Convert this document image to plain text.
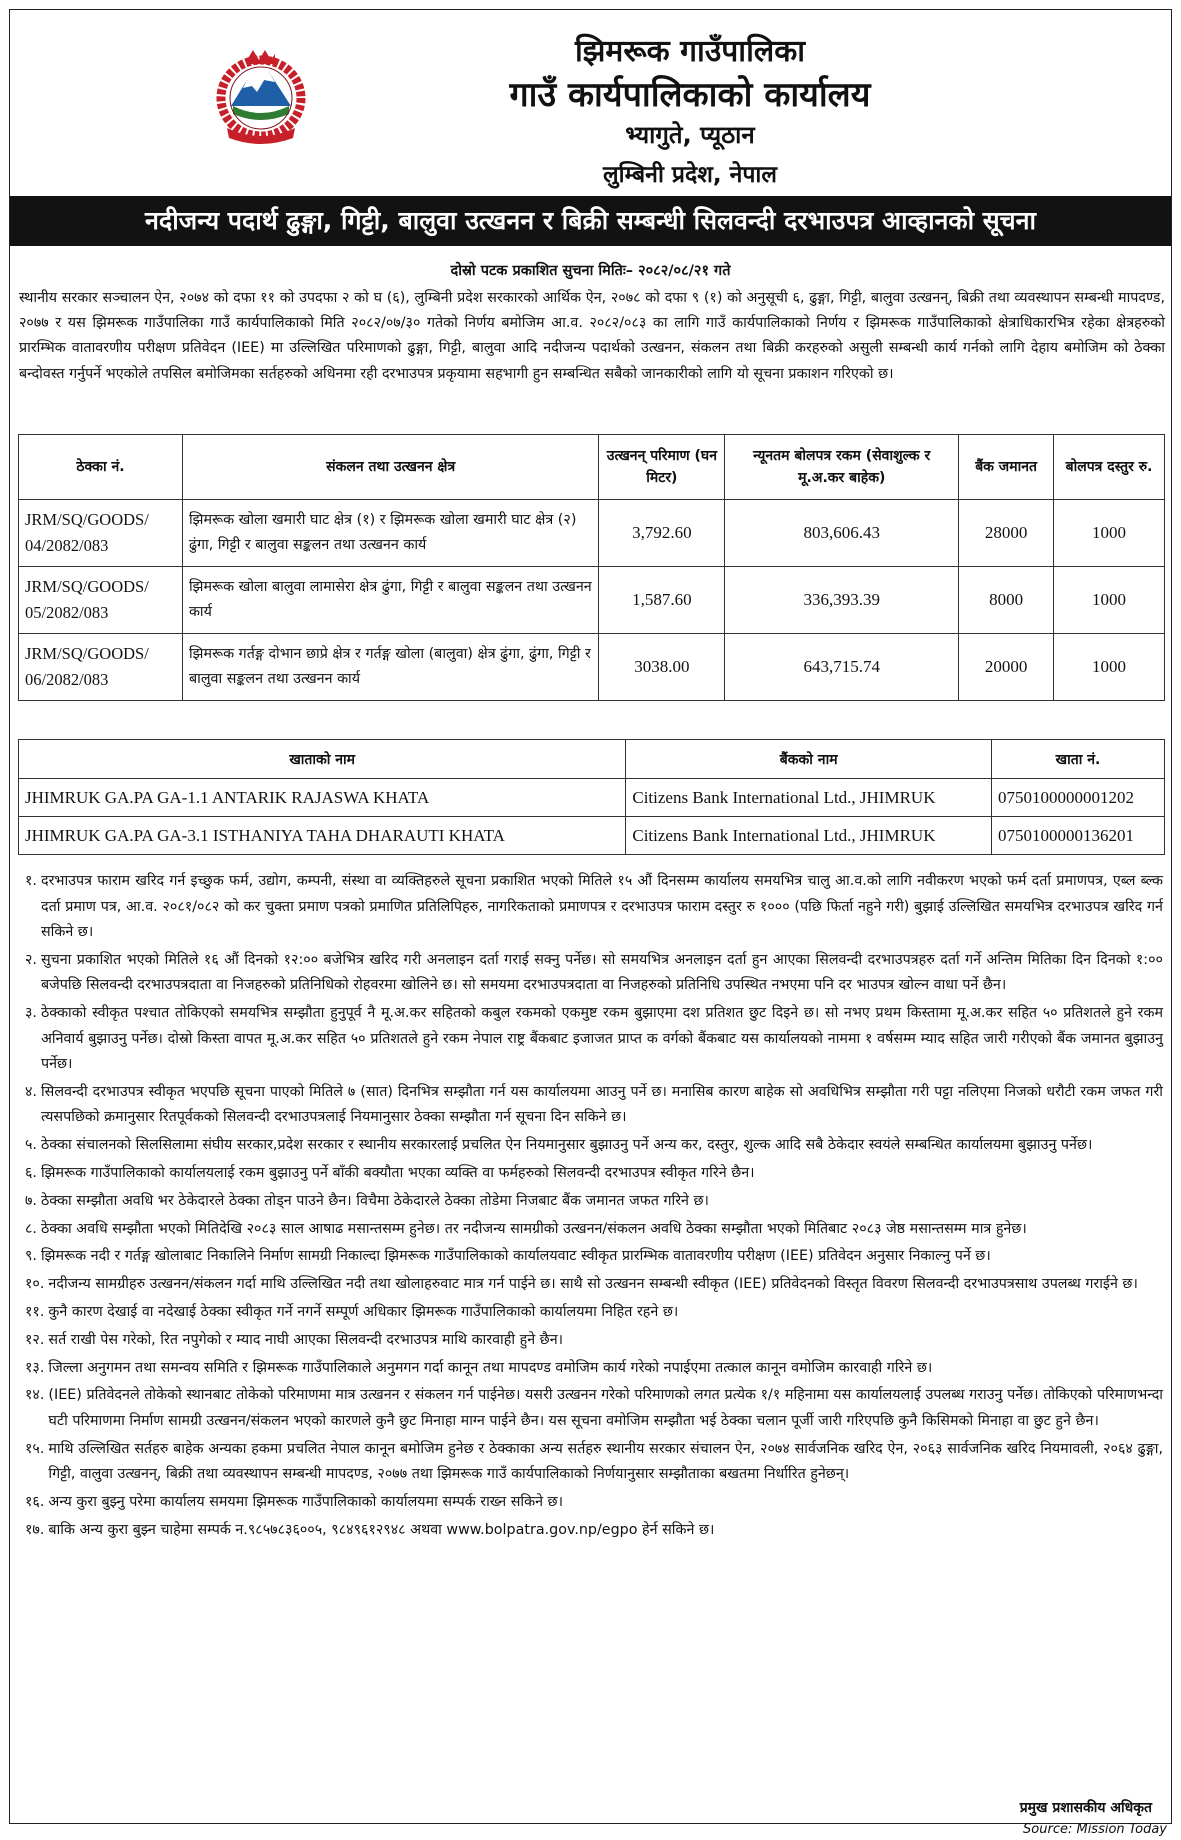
झिमरूक गाउँपालिका
गाउँ कार्यपालिकाको कार्यालय
भ्यागुते, प्यूठान
लुम्बिनी प्रदेश, नेपाल
नदीजन्य पदार्थ ढुङ्गा, गिट्टी, बालुवा उत्खनन र बिक्री सम्बन्धी सिलवन्दी दरभाउपत्र आव्हानको सूचना
दोस्रो पटक प्रकाशित सुचना मितिः– २०८२/०८/२१ गते
स्थानीय सरकार सञ्चालन ऐन, २०७४ को दफा ११ को उपदफा २ को घ (६), लुम्बिनी प्रदेश सरकारको आर्थिक ऐन, २०७८ को दफा ९ (१) को अनुसूची ६, ढुङ्गा, गिट्टी, बालुवा उत्खनन्, बिक्री तथा व्यवस्थापन सम्बन्धी मापदण्ड, २०७७ र यस झिमरूक गाउँपालिका गाउँ कार्यपालिकाको मिति २०८२/०७/३० गतेको निर्णय बमोजिम आ.व. २०८२/०८३ का लागि गाउँ कार्यपालिकाको निर्णय र झिमरूक गाउँपालिकाको क्षेत्राधिकारभित्र रहेका क्षेत्रहरुको प्रारम्भिक वातावरणीय परीक्षण प्रतिवेदन (IEE) मा उल्लिखित परिमाणको ढुङ्गा, गिट्टी, बालुवा आदि नदीजन्य पदार्थको उत्खनन, संकलन तथा बिक्री करहरुको असुली सम्बन्धी कार्य गर्नको लागि देहाय बमोजिम को ठेक्का बन्दोवस्त गर्नुपर्ने भएकोले तपसिल बमोजिमका सर्तहरुको अधिनमा रही दरभाउपत्र प्रकृयामा सहभागी हुन सम्बन्धित सबैको जानकारीको लागि यो सूचना प्रकाशन गरिएको छ।
ठेक्का नं.	संकलन तथा उत्खनन क्षेत्र	उत्खनन् परिमाण (घन मिटर)	न्यूनतम बोलपत्र रकम (सेवाशुल्क र मू.अ.कर बाहेक)	बैंक जमानत	बोलपत्र दस्तुर रु.
JRM/SQ/GOODS/ 04/2082/083	झिमरूक खोला खमारी घाट क्षेत्र (१) र झिमरूक खोला खमारी घाट क्षेत्र (२) ढुंगा, गिट्टी र बालुवा सङ्कलन तथा उत्खनन कार्य	3,792.60	803,606.43	28000	1000
JRM/SQ/GOODS/ 05/2082/083	झिमरूक खोला बालुवा लामासेरा क्षेत्र ढुंगा, गिट्टी र बालुवा सङ्कलन तथा उत्खनन कार्य	1,587.60	336,393.39	8000	1000
JRM/SQ/GOODS/ 06/2082/083	झिमरूक गर्तङ्ग दोभान छाप्रे क्षेत्र र गर्तङ्ग खोला (बालुवा) क्षेत्र ढुंगा, ढुंगा, गिट्टी र बालुवा सङ्कलन तथा उत्खनन कार्य	3038.00	643,715.74	20000	1000
खाताको नाम	बैंकको नाम	खाता नं.
JHIMRUK GA.PA GA-1.1 ANTARIK RAJASWA KHATA	Citizens Bank International Ltd., JHIMRUK	0750100000001202
JHIMRUK GA.PA GA-3.1 ISTHANIYA TAHA DHARAUTI KHATA	Citizens Bank International Ltd., JHIMRUK	0750100000136201
१. दरभाउपत्र फाराम खरिद गर्न इच्छुक फर्म, उद्योग, कम्पनी, संस्था वा व्यक्तिहरुले सूचना प्रकाशित भएको मितिले १५ औं दिनसम्म कार्यालय समयभित्र चालु आ.व.को लागि नवीकरण भएको फर्म दर्ता प्रमाणपत्र, एब्ल ब्ल्क दर्ता प्रमाण पत्र, आ.व. २०८१/०८२ को कर चुक्ता प्रमाण पत्रको प्रमाणित प्रतिलिपिहरु, नागरिकताको प्रमाणपत्र र दरभाउपत्र फाराम दस्तुर रु १००० (पछि फिर्ता नहुने गरी) बुझाई उल्लिखित समयभित्र दरभाउपत्र खरिद गर्न सकिने छ।
२. सुचना प्रकाशित भएको मितिले १६ औं दिनको १२:०० बजेभित्र खरिद गरी अनलाइन दर्ता गराई सक्नु पर्नेछ। सो समयभित्र अनलाइन दर्ता हुन आएका सिलवन्दी दरभाउपत्रहरु दर्ता गर्ने अन्तिम मितिका दिन दिनको १:०० बजेपछि सिलवन्दी दरभाउपत्रदाता वा निजहरुको प्रतिनिधिको रोहवरमा खोलिने छ। सो समयमा दरभाउपत्रदाता वा निजहरुको प्रतिनिधि उपस्थित नभएमा पनि दर भाउपत्र खोल्न वाधा पर्ने छैन।
३. ठेक्काको स्वीकृत पश्चात तोकिएको समयभित्र सम्झौता हुनुपूर्व नै मू.अ.कर सहितको कबुल रकमको एकमुष्ट रकम बुझाएमा दश प्रतिशत छुट दिइने छ। सो नभए प्रथम किस्तामा मू.अ.कर सहित ५० प्रतिशतले हुने रकम अनिवार्य बुझाउनु पर्नेछ। दोस्रो किस्ता वापत मू.अ.कर सहित ५० प्रतिशतले हुने रकम नेपाल राष्ट्र बैंकबाट इजाजत प्राप्त क वर्गको बैंकबाट यस कार्यालयको नाममा १ वर्षसम्म म्याद सहित जारी गरीएको बैंक जमानत बुझाउनु पर्नेछ।
४. सिलवन्दी दरभाउपत्र स्वीकृत भएपछि सूचना पाएको मितिले ७ (सात) दिनभित्र सम्झौता गर्न यस कार्यालयमा आउनु पर्ने छ। मनासिब कारण बाहेक सो अवधिभित्र सम्झौता गरी पट्टा नलिएमा निजको धरौटी रकम जफत गरी त्यसपछिको क्रमानुसार रितपूर्वकको सिलवन्दी दरभाउपत्रलाई नियमानुसार ठेक्का सम्झौता गर्न सूचना दिन सकिने छ।
५. ठेक्का संचालनको सिलसिलामा संघीय सरकार,प्रदेश सरकार र स्थानीय सरकारलाई प्रचलित ऐन नियमानुसार बुझाउनु पर्ने अन्य कर, दस्तुर, शुल्क आदि सबै ठेकेदार स्वयंले सम्बन्धित कार्यालयमा बुझाउनु पर्नेछ।
६. झिमरूक गाउँपालिकाको कार्यालयलाई रकम बुझाउनु पर्ने बाँकी बक्यौता भएका व्यक्ति वा फर्महरुको सिलवन्दी दरभाउपत्र स्वीकृत गरिने छैन।
७. ठेक्का सम्झौता अवधि भर ठेकेदारले ठेक्का तोड्न पाउने छैन। विचैमा ठेकेदारले ठेक्का तोडेमा निजबाट बैंक जमानत जफत गरिने छ।
८. ठेक्का अवधि सम्झौता भएको मितिदेखि २०८३ साल आषाढ मसान्तसम्म हुनेछ। तर नदीजन्य सामग्रीको उत्खनन/संकलन अवधि ठेक्का सम्झौता भएको मितिबाट २०८३ जेष्ठ मसान्तसम्म मात्र हुनेछ।
९. झिमरूक नदी र गर्तङ्ग खोलाबाट निकालिने निर्माण सामग्री निकाल्दा झिमरूक गाउँपालिकाको कार्यालयवाट स्वीकृत प्रारम्भिक वातावरणीय परीक्षण (IEE) प्रतिवेदन अनुसार निकाल्नु पर्ने छ।
१०. नदीजन्य सामग्रीहरु उत्खनन/संकलन गर्दा माथि उल्लिखित नदी तथा खोलाहरुवाट मात्र गर्न पाईने छ। साथै सो उत्खनन सम्बन्धी स्वीकृत (IEE) प्रतिवेदनको विस्तृत विवरण सिलवन्दी दरभाउपत्रसाथ उपलब्ध गराईने छ।
११. कुनै कारण देखाई वा नदेखाई ठेक्का स्वीकृत गर्ने नगर्ने सम्पूर्ण अधिकार झिमरूक गाउँपालिकाको कार्यालयमा निहित रहने छ।
१२. सर्त राखी पेस गरेको, रित नपुगेको र म्याद नाघी आएका सिलवन्दी दरभाउपत्र माथि कारवाही हुने छैन।
१३. जिल्ला अनुगमन तथा समन्वय समिति र झिमरूक गाउँपालिकाले अनुमगन गर्दा कानून तथा मापदण्ड वमोजिम कार्य गरेको नपाईएमा तत्काल कानून वमोजिम कारवाही गरिने छ।
१४. (IEE) प्रतिवेदनले तोकेको स्थानबाट तोकेको परिमाणमा मात्र उत्खनन र संकलन गर्न पाईनेछ। यसरी उत्खनन गरेको परिमाणको लगत प्रत्येक १/१ महिनामा यस कार्यालयलाई उपलब्ध गराउनु पर्नेछ। तोकिएको परिमाणभन्दा घटी परिमाणमा निर्माण सामग्री उत्खनन/संकलन भएको कारणले कुनै छुट मिनाहा माग्न पाईने छैन। यस सूचना वमोजिम सम्झौता भई ठेक्का चलान पूर्जी जारी गरिएपछि कुनै किसिमको मिनाहा वा छुट हुने छैन।
१५. माथि उल्लिखित सर्तहरु बाहेक अन्यका हकमा प्रचलित नेपाल कानून बमोजिम हुनेछ र ठेक्काका अन्य सर्तहरु स्थानीय सरकार संचालन ऐन, २०७४ सार्वजनिक खरिद ऐन, २०६३ सार्वजनिक खरिद नियमावली, २०६४ ढुङ्गा, गिट्टी, वालुवा उत्खनन्, बिक्री तथा व्यवस्थापन सम्बन्धी मापदण्ड, २०७७ तथा झिमरूक गाउँ कार्यपालिकाको निर्णयानुसार सम्झौताका बखतमा निर्धारित हुनेछन्।
१६. अन्य कुरा बुझ्नु परेमा कार्यालय समयमा झिमरूक गाउँपालिकाको कार्यालयमा सम्पर्क राख्न सकिने छ।
१७. बाकि अन्य कुरा बुझ्न चाहेमा सम्पर्क न.९८५७८३६००५, ९८४९६१२९४८ अथवा www.bolpatra.gov.np/egpo हेर्न सकिने छ।
प्रमुख प्रशासकीय अधिकृत
Source: Mission Today
